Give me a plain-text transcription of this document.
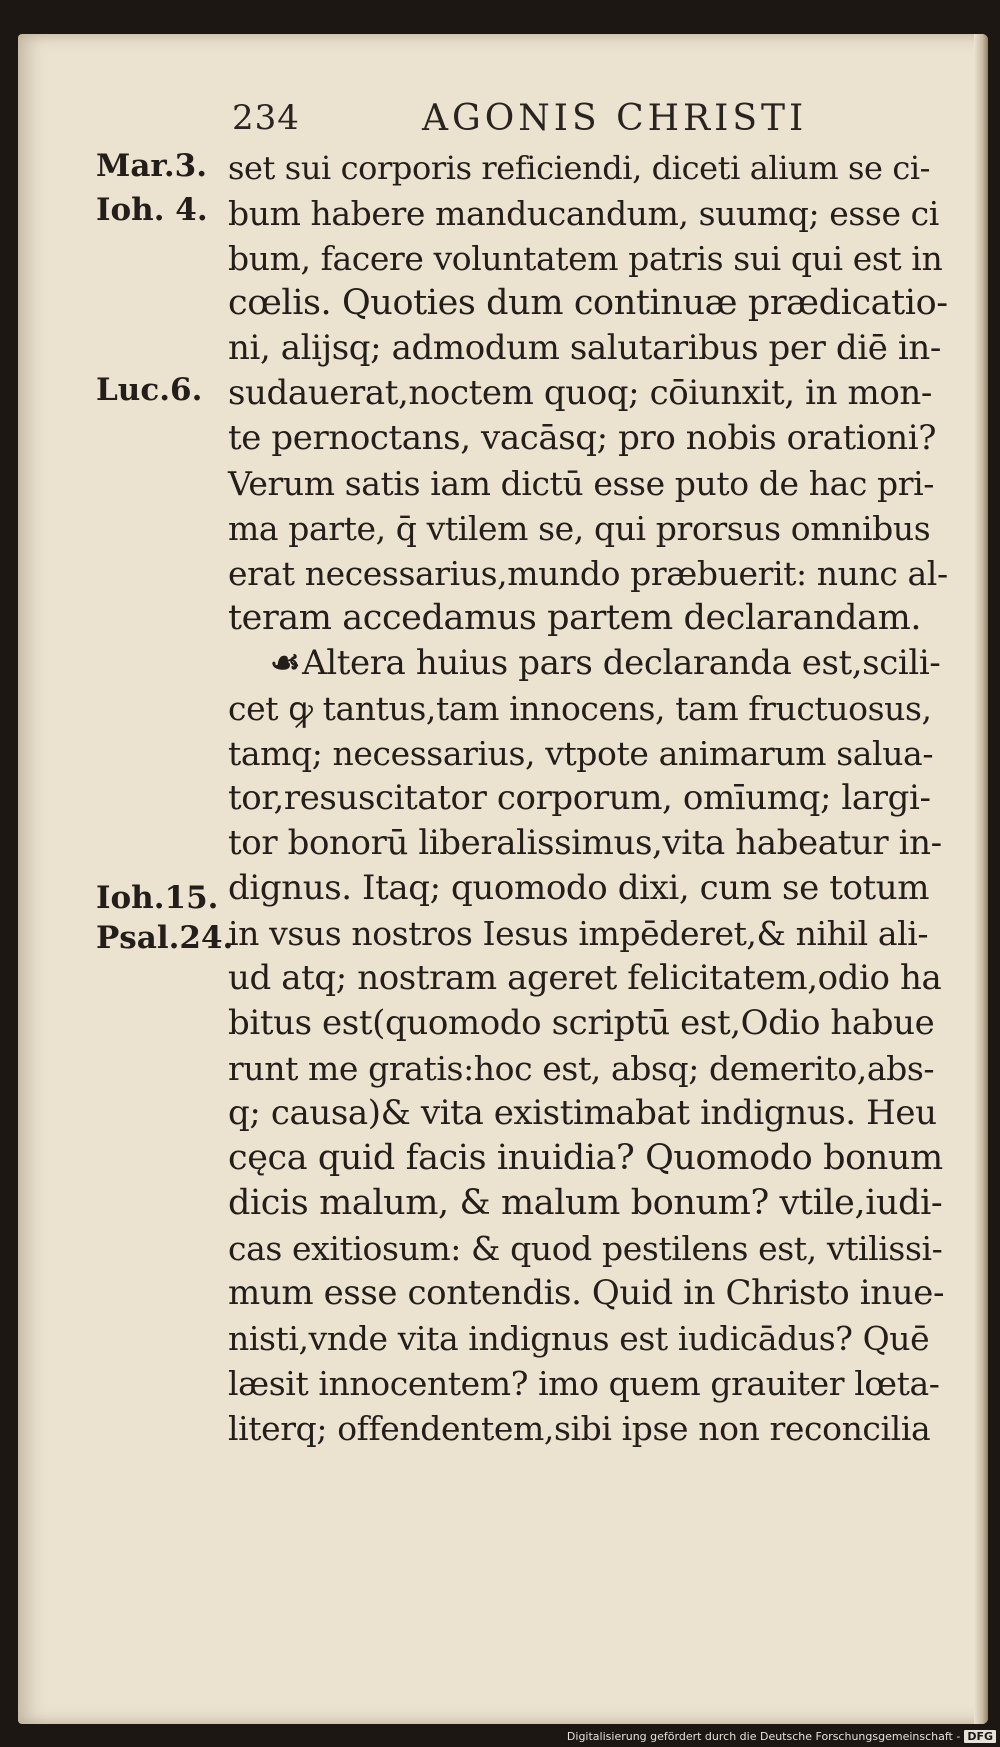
234	AGONIS CHRISTI
Mar.3.
Ioh. 4.
Luc.6.
Ioh.15.
Psal.24.
set sui corporis reficiendi, diceti alium se ci-
bum habere manducandum, suumq; esse ci
bum, facere voluntatem patris sui qui est in
cœlis. Quoties dum continuæ prædicatio-
ni, alijsq; admodum salutaribus per diē in-
sudauerat,noctem quoq; cōiunxit, in mon-
te pernoctans, vacāsq; pro nobis orationi?
Verum satis iam dictū esse puto de hac pri-
ma parte, q̄ vtilem se, qui prorsus omnibus
erat necessarius,mundo præbuerit: nunc al-
teram accedamus partem declarandam.
☙Altera huius pars declaranda est,scili-
cet ꝙ tantus,tam innocens, tam fructuosus,
tamq; necessarius, vtpote animarum salua-
tor,resuscitator corporum, omīumq; largi-
tor bonorū liberalissimus,vita habeatur in-
dignus. Itaq; quomodo dixi, cum se totum
in vsus nostros Iesus impēderet,& nihil ali-
ud atq; nostram ageret felicitatem,odio ha
bitus est(quomodo scriptū est,Odio habue
runt me gratis:hoc est, absq; demerito,abs-
q; causa)& vita existimabat indignus. Heu
cęca quid facis inuidia? Quomodo bonum
dicis malum, & malum bonum? vtile,iudi-
cas exitiosum: & quod pestilens est, vtilissi-
mum esse contendis. Quid in Christo inue-
nisti,vnde vita indignus est iudicādus? Quē
læsit innocentem? imo quem grauiter lœta-
literq; offendentem,sibi ipse non reconcilia
Digitalisierung gefördert durch die Deutsche Forschungsgemeinschaft - DFG
